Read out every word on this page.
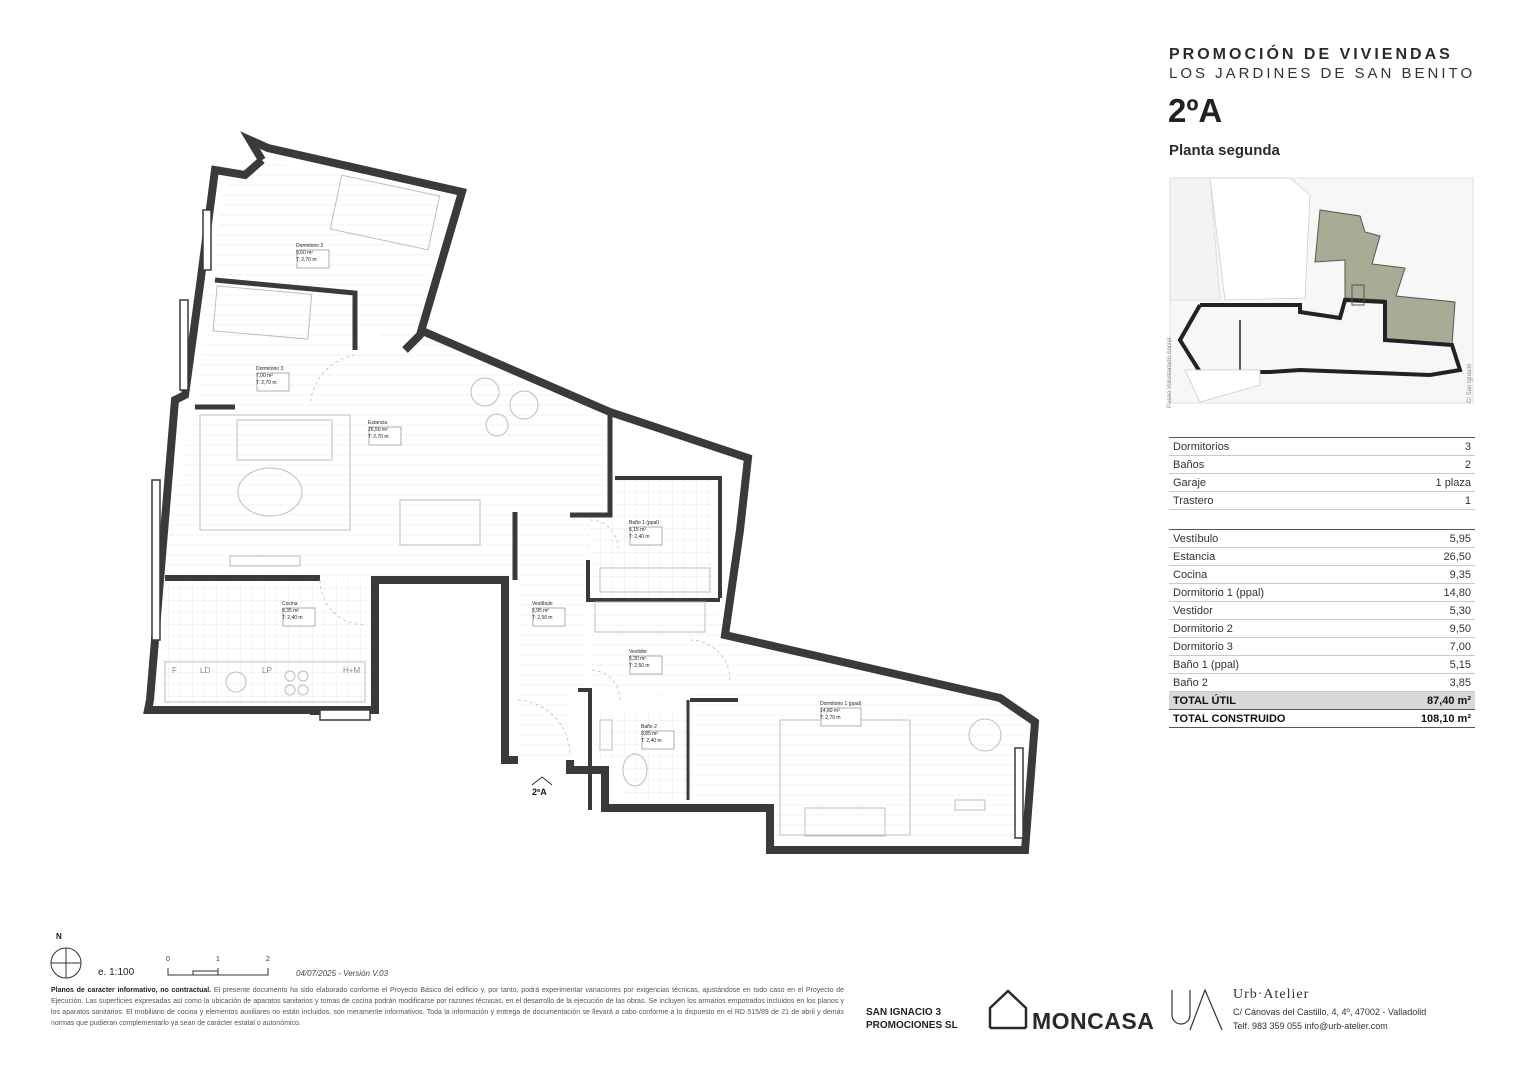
Dormitorio 2
9,50 m²
T: 2,70 m
Dormitorio 3
7,00 m²
T: 2,70 m
Estancia
26,50 m²
T: 2,70 m
Cocina
9,35 m²
T: 2,40 m
Vestíbulo
5,95 m²
T: 2,50 m
Baño 1 (ppal)
5,15 m²
T: 2,40 m
Vestidor
5,30 m²
T: 2,50 m
Baño 2
3,85 m²
T: 2,40 m
Dormitorio 1 (ppal)
14,80 m²
T: 2,70 m
F	LD	LP	H+M
2ºA
Paseo Voluntariado Social	C/ San Ignacio
PROMOCIÓN DE VIVIENDAS
LOS JARDINES DE SAN BENITO
2ºA
Planta segunda
Dormitorios	3
Baños	2
Garaje	1 plaza
Trastero	1
Vestíbulo	5,95
Estancia	26,50
Cocina	9,35
Dormitorio 1 (ppal)	14,80
Vestidor	5,30
Dormitorio 2	9,50
Dormitorio 3	7,00
Baño 1 (ppal)	5,15
Baño 2	3,85
TOTAL ÚTIL	87,40 m²
TOTAL CONSTRUIDO	108,10 m²
N
e. 1:100
0	1	2
04/07/2025 - Versión V.03
Planos de caracter informativo, no contractual. El presente documento ha sido elaborado conforme el Proyecto Básico del edificio y, por tanto, podrá experimentar variaciones por exigencias técnicas, ajustándose en todo caso en el Proyecto de Ejecución. Las superficies expresadas así como la ubicación de aparatos sanitarios y tomas de cocina podrán modificarse por razones técnicas, en el desarrollo de la ejecución de las obras. Se incluyen los armarios empotrados incluidos en los planos y los aparatos sanitarios. El mobiliario de cocina y elementos auxiliares no están incluidos, son meramente informativos. Toda la información y entrega de documentación se llevará a cabo conforme a lo dispuesto en el RD 515/89 de 21 de abril y demás normas que pudieran complementarlo ya sean de carácter estatal o autonómico.
SAN IGNACIO 3
PROMOCIONES SL	MONCASA
Urb·Atelier
C/ Cánovas del Castillo, 4, 4º, 47002 - Valladolid
Telf. 983 359 055 info@urb-atelier.com
